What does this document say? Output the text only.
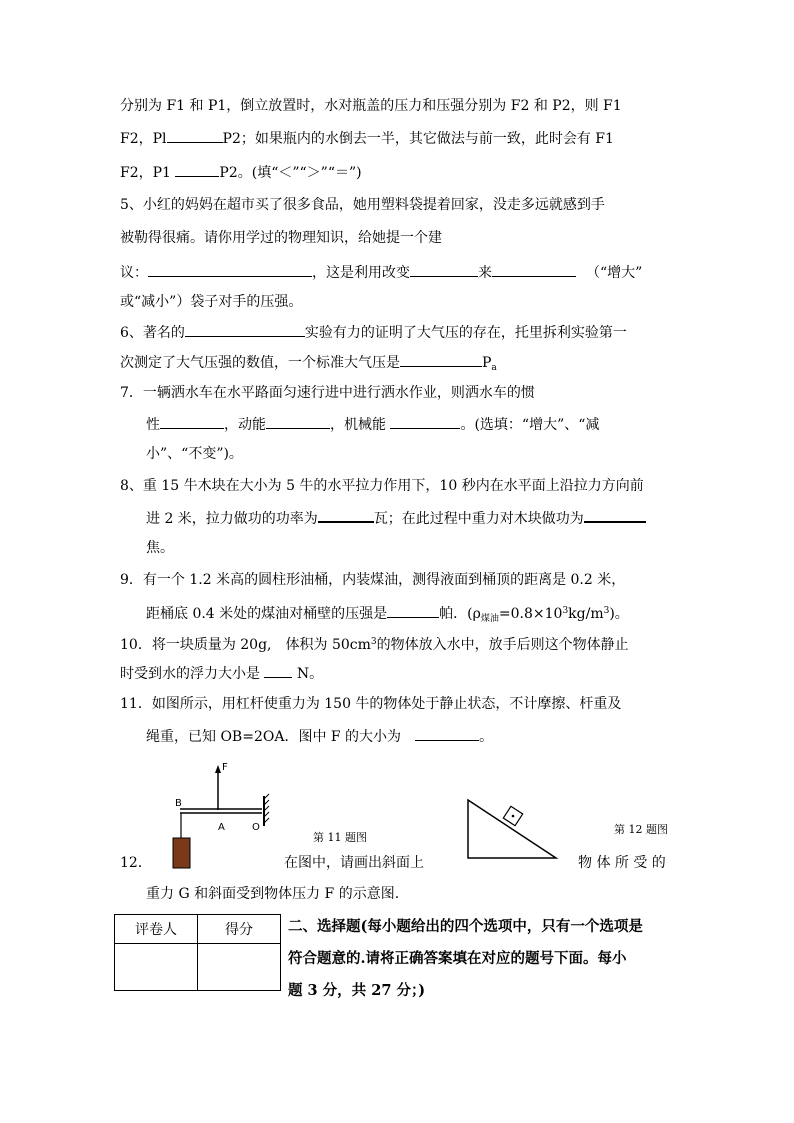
分别为 F1 和 P1，倒立放置时，水对瓶盖的压力和压强分别为 F2 和 P2，则 F1
F2，Pl	P2；如果瓶内的水倒去一半，其它做法与前一致，此时会有 F1
F2，P1	P2。(填“＜”“＞”“＝”)
5、小红的妈妈在超市买了很多食品，她用塑料袋提着回家，没走多远就感到手
被勒得很痛。请你用学过的物理知识，给她提一个建
议：	，这是利用改变	来	（“增大”
或“减小”）袋子对手的压强。
6、著名的	实验有力的证明了大气压的存在，托里拆利实验第一
次测定了大气压强的数值，一个标准大气压是	$P_a$
7．一辆洒水车在水平路面匀速行进中进行洒水作业，则洒水车的惯
性	，动能	，机械能	。(选填：“增大”、“减
小”、“不变”)。
8、重 15 牛木块在大小为 5 牛的水平拉力作用下，10 秒内在水平面上沿拉力方向前
进 2 米，拉力做功的功率为	瓦；在此过程中重力对木块做功为
焦。
9．有一个 1.2 米高的圆柱形油桶，内装煤油，测得液面到桶顶的距离是 0.2 米，
距桶底 0.4 米处的煤油对桶壁的压强是	帕．$(\rho_{煤油}=0.8\times 10^3kg/m^3)$。
10．将一块质量为 20g,　体积为 $50cm^3$的物体放入水中，放手后则这个物体静止
时受到水的浮力大小是	N。
11．如图所示，用杠杆使重力为 150 牛的物体处于静止状态，不计摩擦、杆重及
绳重，已知 OB=2OA．图中 F 的大小为　	。
F
B
A	O
第 11 题图
第 12 题图
12．	在图中，请画出斜面上	物 体 所 受 的
重力 G 和斜面受到物体压力 F 的示意图.
评卷人	得分
	二、选择题(每小题给出的四个选项中，只有一个选项是
符合题意的.请将正确答案填在对应的题号下面。每小
题 3 分，共 27 分；)
